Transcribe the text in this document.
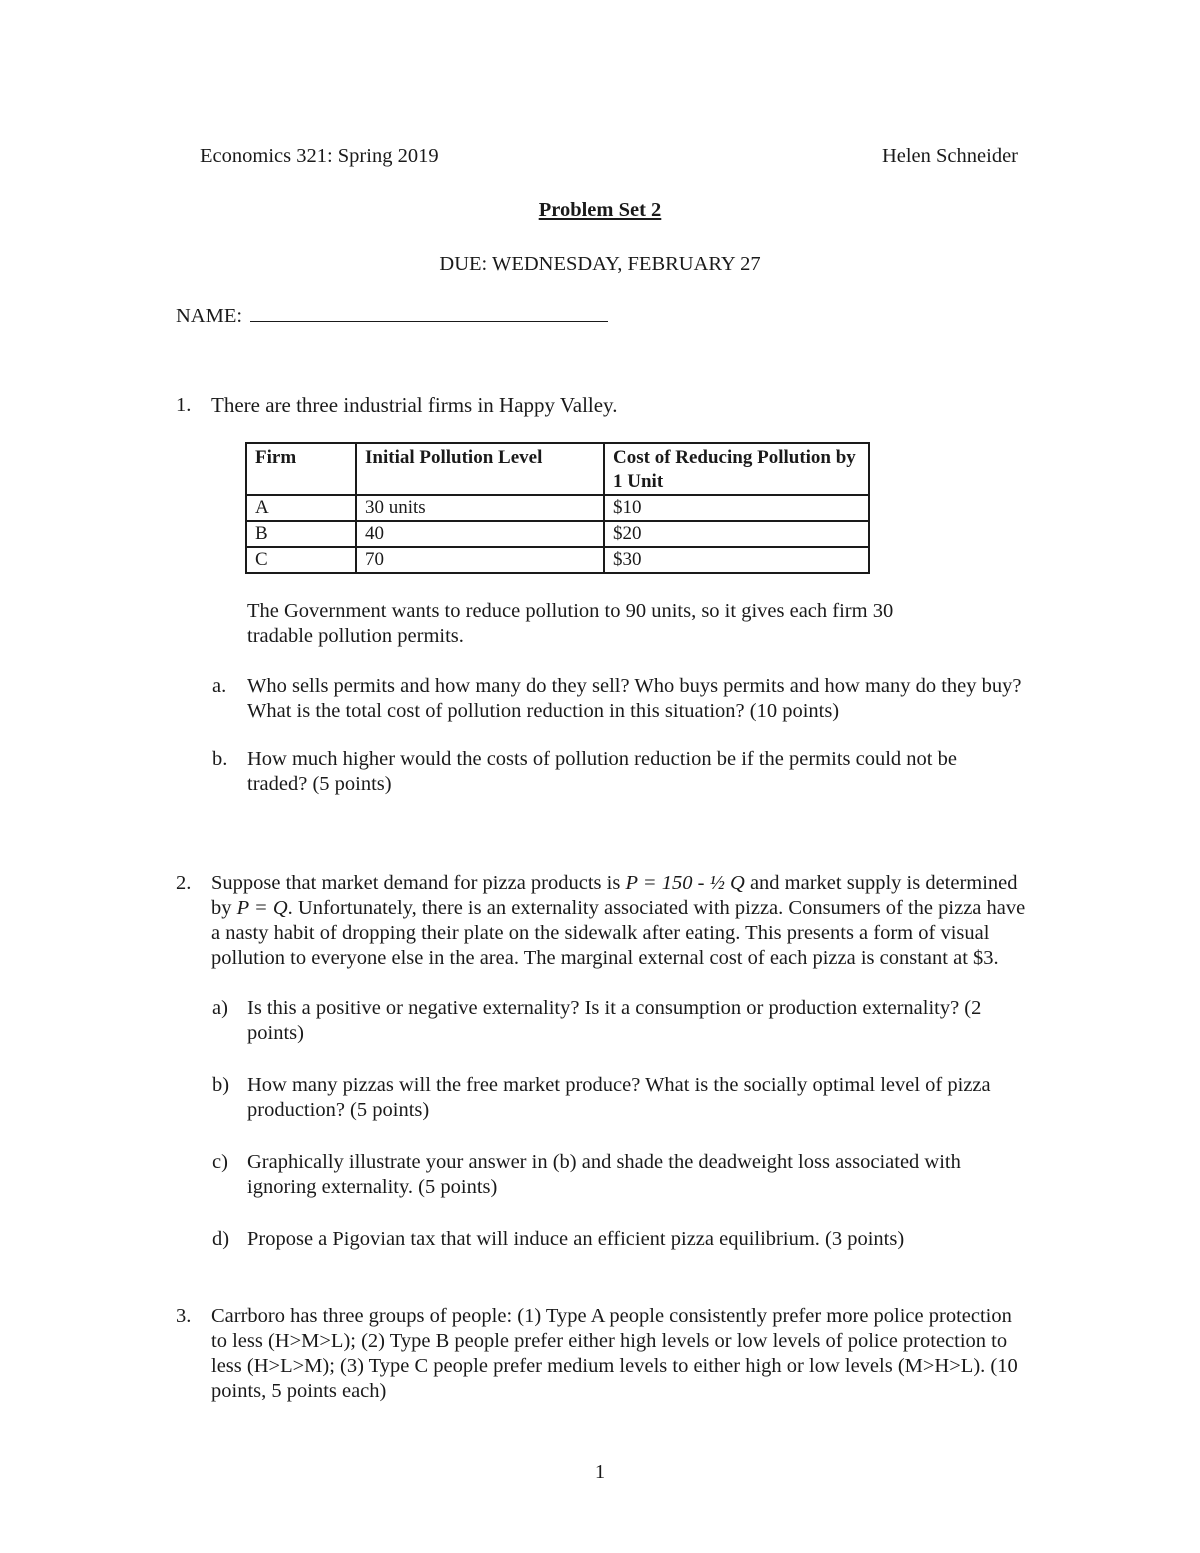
Economics 321: Spring 2019	Helen Schneider
Problem Set 2
DUE: WEDNESDAY, FEBRUARY 27
NAME:
1. There are three industrial firms in Happy Valley.
Firm	Initial Pollution Level	Cost of Reducing Pollution by 1 Unit
A	30 units	$10
B	40	$20
C	70	$30
The Government wants to reduce pollution to 90 units, so it gives each firm 30 tradable pollution permits.
a. Who sells permits and how many do they sell? Who buys permits and how many do they buy? What is the total cost of pollution reduction in this situation? (10 points)
b. How much higher would the costs of pollution reduction be if the permits could not be traded? (5 points)
2. Suppose that market demand for pizza products is P = 150 - ½ Q and market supply is determined by P = Q. Unfortunately, there is an externality associated with pizza. Consumers of the pizza have a nasty habit of dropping their plate on the sidewalk after eating. This presents a form of visual pollution to everyone else in the area. The marginal external cost of each pizza is constant at $3.
a) Is this a positive or negative externality? Is it a consumption or production externality? (2 points)
b) How many pizzas will the free market produce? What is the socially optimal level of pizza production? (5 points)
c) Graphically illustrate your answer in (b) and shade the deadweight loss associated with ignoring externality. (5 points)
d) Propose a Pigovian tax that will induce an efficient pizza equilibrium. (3 points)
3. Carrboro has three groups of people: (1) Type A people consistently prefer more police protection to less (H>M>L); (2) Type B people prefer either high levels or low levels of police protection to less (H>L>M); (3) Type C people prefer medium levels to either high or low levels (M>H>L). (10 points, 5 points each)
1
